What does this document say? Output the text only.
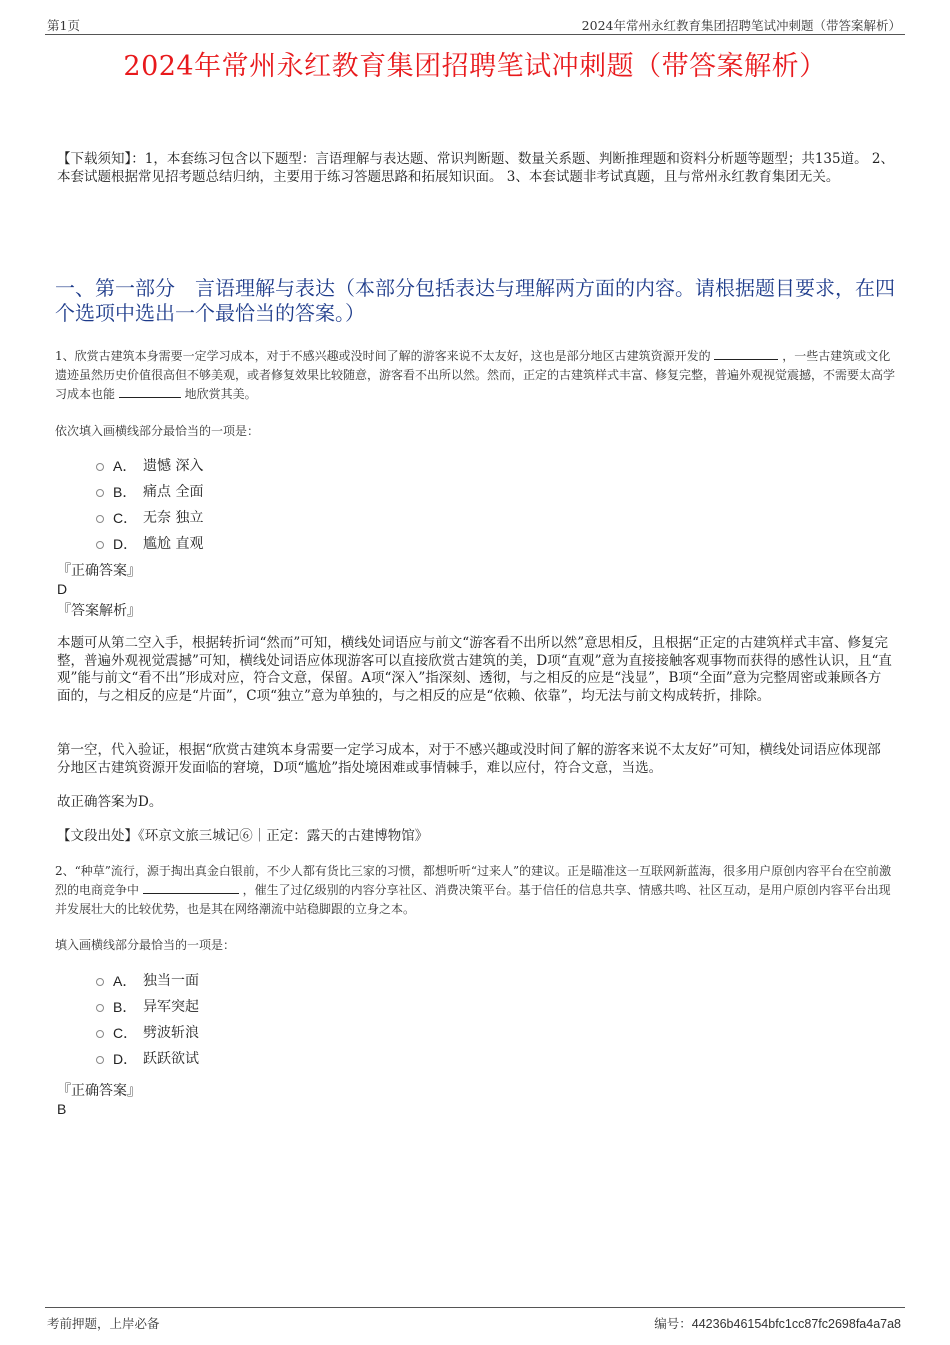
第1页	2024年常州永红教育集团招聘笔试冲刺题（带答案解析）
2024年常州永红教育集团招聘笔试冲刺题（带答案解析）
【下载须知】：1，本套练习包含以下题型：言语理解与表达题、常识判断题、数量关系题、判断推理题和资料分析题等题型；共135道。 2、本套试题根据常见招考题总结归纳，主要用于练习答题思路和拓展知识面。 3、本套试题非考试真题，且与常州永红教育集团无关。
一、第一部分　言语理解与表达（本部分包括表达与理解两方面的内容。请根据题目要求，在四个选项中选出一个最恰当的答案。）
1、欣赏古建筑本身需要一定学习成本，对于不感兴趣或没时间了解的游客来说不太友好，这也是部分地区古建筑资源开发的	，一些古建筑或文化遗迹虽然历史价值很高但不够美观，或者修复效果比较随意，游客看不出所以然。然而，正定的古建筑样式丰富、修复完整，普遍外观视觉震撼，不需要太高学习成本也能	地欣赏其美。
依次填入画横线部分最恰当的一项是：
A． 遗憾 深入
B． 痛点 全面
C． 无奈 独立
D． 尴尬 直观
『正确答案』
D
『答案解析』
本题可从第二空入手，根据转折词“然而”可知，横线处词语应与前文“游客看不出所以然”意思相反，且根据“正定的古建筑样式丰富、修复完整，普遍外观视觉震撼”可知，横线处词语应体现游客可以直接欣赏古建筑的美，D项“直观”意为直接接触客观事物而获得的感性认识，且“直观”能与前文“看不出”形成对应，符合文意，保留。A项“深入”指深刻、透彻，与之相反的应是“浅显”，B项“全面”意为完整周密或兼顾各方面的，与之相反的应是“片面”，C项“独立”意为单独的，与之相反的应是“依赖、依靠”，均无法与前文构成转折，排除。
第一空，代入验证，根据“欣赏古建筑本身需要一定学习成本，对于不感兴趣或没时间了解的游客来说不太友好”可知，横线处词语应体现部分地区古建筑资源开发面临的窘境，D项“尴尬”指处境困难或事情棘手，难以应付，符合文意，当选。
故正确答案为D。
【文段出处】《环京文旅三城记⑥｜正定：露天的古建博物馆》
2、“种草”流行，源于掏出真金白银前，不少人都有货比三家的习惯，都想听听“过来人”的建议。正是瞄准这一互联网新蓝海，很多用户原创内容平台在空前激烈的电商竞争中	，催生了过亿级别的内容分享社区、消费决策平台。基于信任的信息共享、情感共鸣、社区互动，是用户原创内容平台出现并发展壮大的比较优势，也是其在网络潮流中站稳脚跟的立身之本。
填入画横线部分最恰当的一项是：
A． 独当一面
B． 异军突起
C． 劈波斩浪
D． 跃跃欲试
『正确答案』
B
考前押题，上岸必备	编号：44236b46154bfc1cc87fc2698fa4a7a8
